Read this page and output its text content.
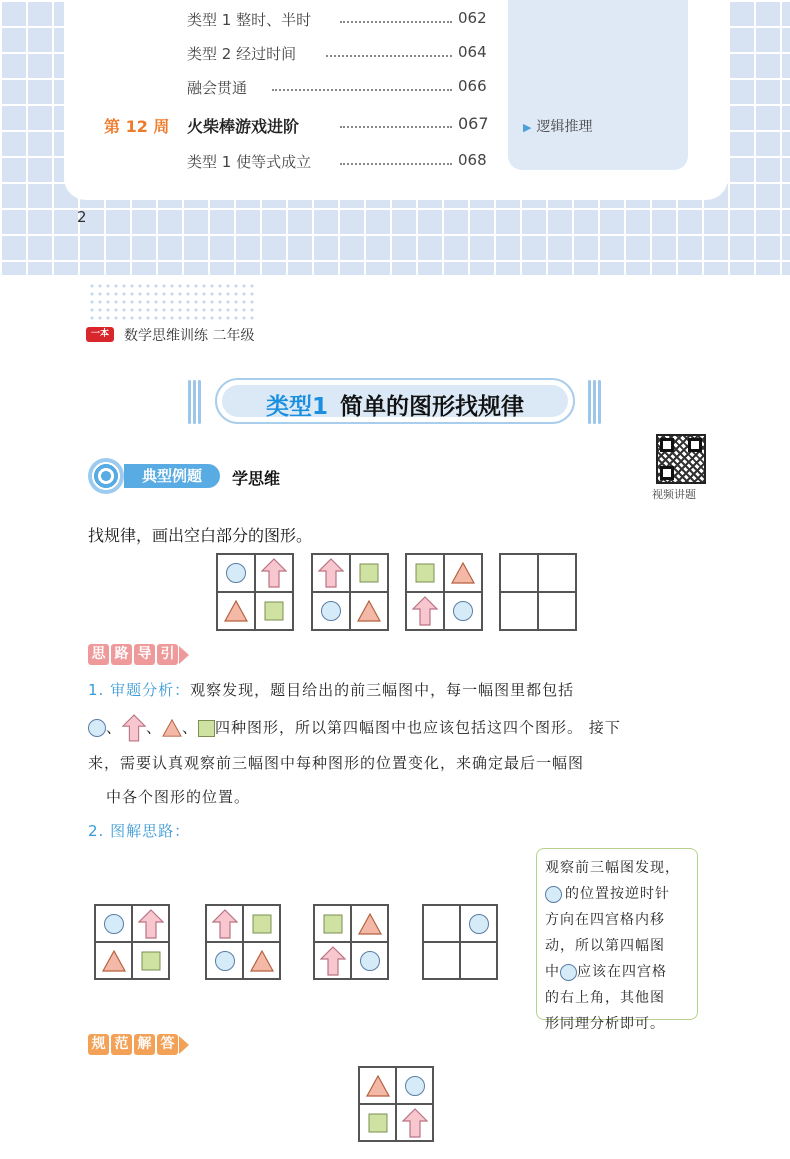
类型 1 整时、半时	062
类型 2 经过时间	064
融会贯通	066
第 12 周 火柴棒游戏进阶	067
类型 1 使等式成立	068
▶ 逻辑推理
2
一本	数学思维训练 二年级
类型1 简单的图形找规律
典型例题	学思维
视频讲题
找规律，画出空白部分的图形。
思 路 导 引
1. 审题分析：观察发现，题目给出的前三幅图中，每一幅图里都包括
、 、 、 四种图形，所以第四幅图中也应该包括这四个图形。 接下
来，需要认真观察前三幅图中每种图形的位置变化，来确定最后一幅图
中各个图形的位置。
2. 图解思路：
观察前三幅图发现，
的位置按逆时针
方向在四宫格内移
动，所以第四幅图
中 应该在四宫格
的右上角，其他图
形同理分析即可。
规 范 解 答
